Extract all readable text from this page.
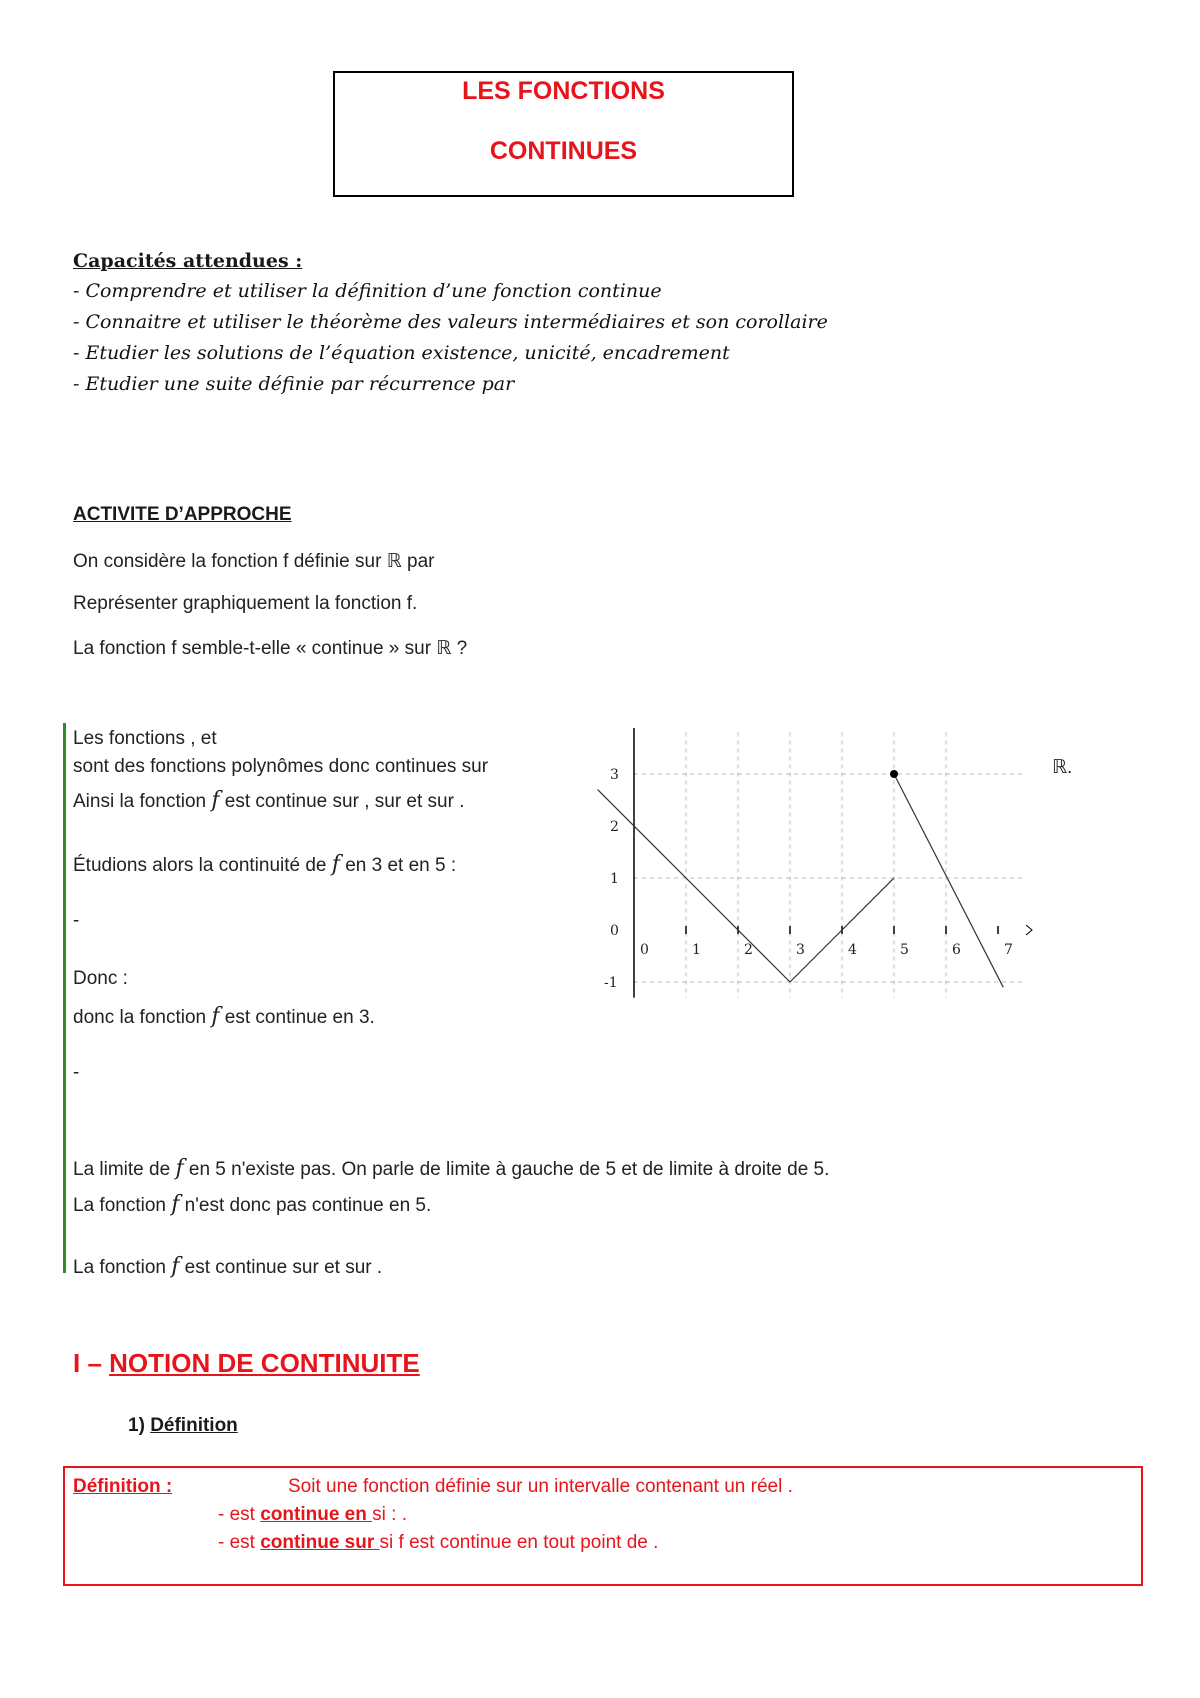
LES FONCTIONS
CONTINUES
Capacités attendues :
- Comprendre et utiliser la définition d’une fonction continue
- Connaitre et utiliser le théorème des valeurs intermédiaires et son corollaire
- Etudier les solutions de l’équation existence, unicité, encadrement
- Etudier une suite définie par récurrence par
ACTIVITE D’APPROCHE
On considère la fonction f définie sur ℝ par
Représenter graphiquement la fonction f.
La fonction f semble-t-elle « continue » sur ℝ ?
Les fonctions , et
sont des fonctions polynômes donc continues sur	ℝ.
Ainsi la fonction f est continue sur , sur et sur .
Étudions alors la continuité de f en 3 et en 5 :
-
Donc :
donc la fonction f est continue en 3.
-
La limite de f en 5 n'existe pas. On parle de limite à gauche de 5 et de limite à droite de 5.
La fonction f n'est donc pas continue en 5.
La fonction f est continue sur et sur .
0	1	2	3	4	5	6	7
-1
0
1
2
3
I – NOTION DE CONTINUITE
1) Définition
Définition :	Soit une fonction définie sur un intervalle contenant un réel .
- est continue en si : .
- est continue sur si f est continue en tout point de .
